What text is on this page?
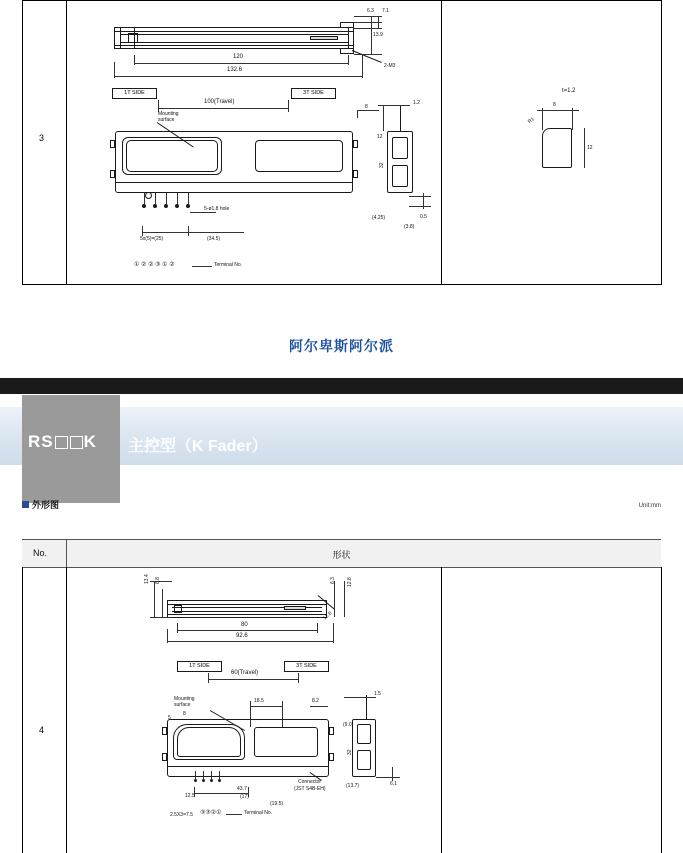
3
6.3 7.1
13.9
2-M3
120
132.6
1T SIDE	3T SIDE
100(Travel)
Mounting
surface
|
5-ø1.8 hole
5x(5)=(25)	(34.5)
① ② ② ③ ① ②	Terminal No.
1.2
8
12
32
(4.25)	0.5
(3.8)
t=1.2
8
12
R1
阿尔卑斯阿尔派
RS K 主控型（K Fader）
外形图	Unit:mm
No.	形状
4
12.8
6.8
13.4	6.3 12.8
80
92.6
1T SIDE	3T SIDE
60(Travel)
Mounting
surface
18.5	8.2
8
5
43.7
(17)
12.5
(19.5)
2.5X3=7.5 ③③②①	Terminal No.
Connector
(JST S4B-EH)
1.5
(9.0)
32
(13.7)	6.1
